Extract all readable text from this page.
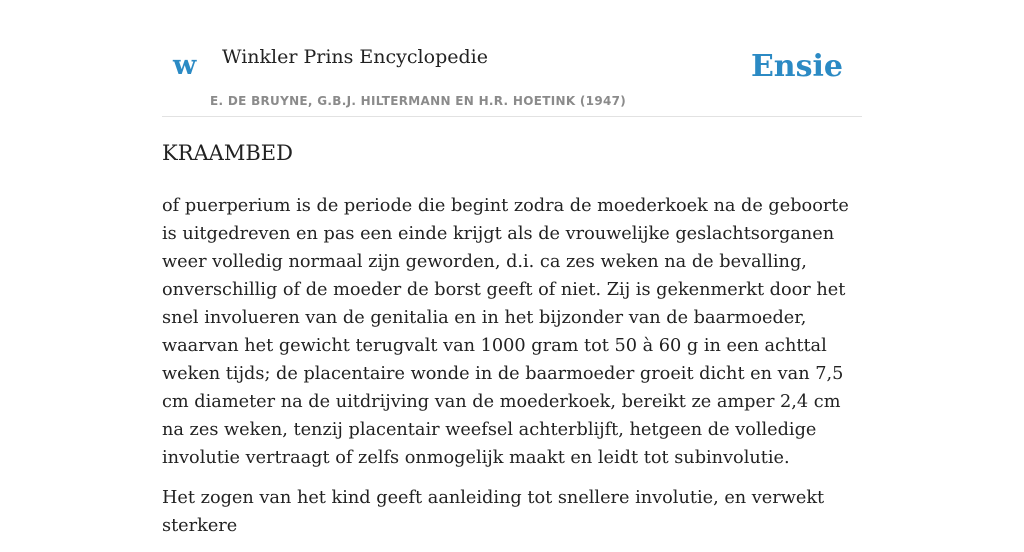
w Winkler Prins Encyclopedie
E. DE BRUYNE, G.B.J. HILTERMANN EN H.R. HOETINK (1947)
Ensie
KRAAMBED

of puerperium is de periode die begint zodra de moederkoek na de geboorte is uitgedreven en pas een einde krijgt als de vrouwelijke geslachtsorganen weer volledig normaal zijn geworden, d.i. ca zes weken na de bevalling, onverschillig of de moeder de borst geeft of niet. Zij is gekenmerkt door het snel involueren van de genitalia en in het bijzonder van de baarmoeder, waarvan het gewicht terugvalt van 1000 gram tot 50 à 60 g in een achttal weken tijds; de placentaire wonde in de baarmoeder groeit dicht en van 7,5 cm diameter na de uitdrijving van de moederkoek, bereikt ze amper 2,4 cm na zes weken, tenzij placentair weefsel achterblijft, hetgeen de volledige involutie vertraagt of zelfs onmogelijk maakt en leidt tot subinvolutie.

Het zogen van het kind geeft aanleiding tot snellere involutie, en verwekt sterkere
